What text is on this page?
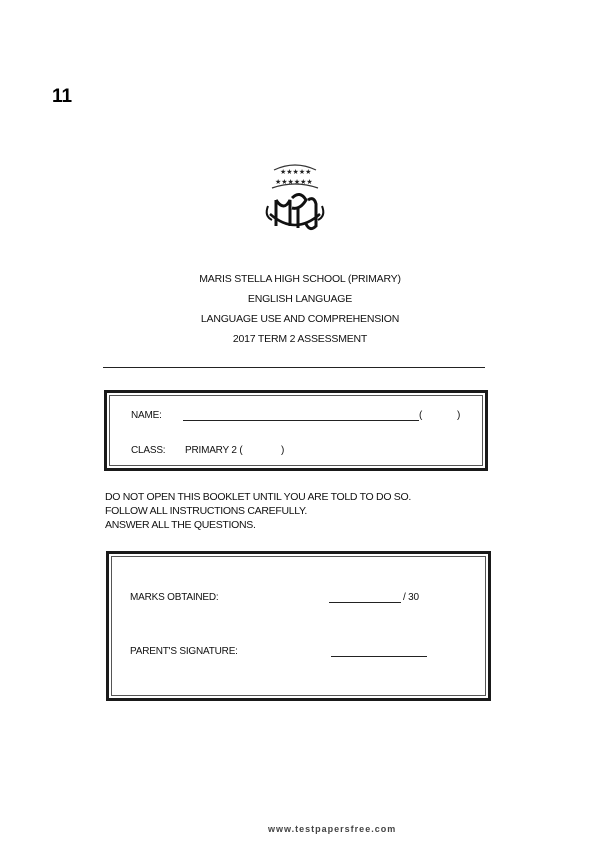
11
★★★★★
★★★★★★
MARIS STELLA HIGH SCHOOL (PRIMARY)
ENGLISH LANGUAGE
LANGUAGE USE AND COMPREHENSION
2017 TERM 2 ASSESSMENT
NAME:	(	)
CLASS: PRIMARY 2 (	)
DO NOT OPEN THIS BOOKLET UNTIL YOU ARE TOLD TO DO SO.
FOLLOW ALL INSTRUCTIONS CAREFULLY.
ANSWER ALL THE QUESTIONS.
MARKS OBTAINED:	/ 30
PARENT'S SIGNATURE:
www.testpapersfree.com
